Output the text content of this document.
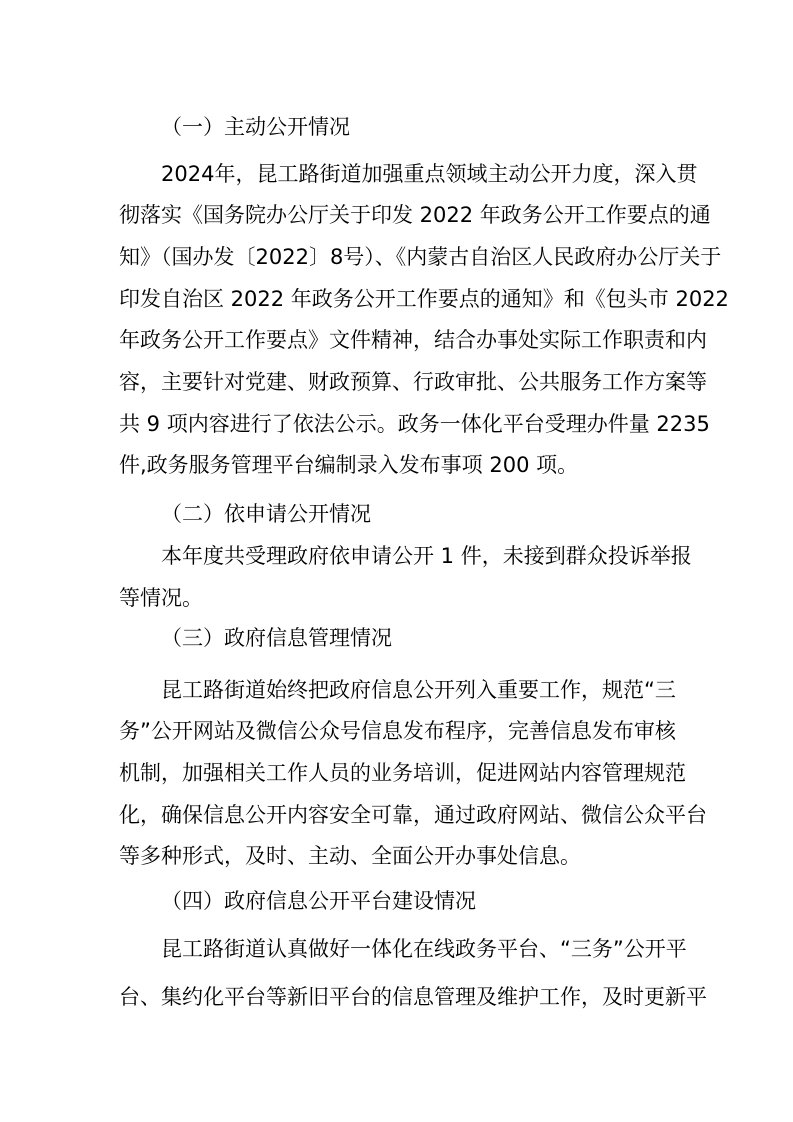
（一）主动公开情况
2024年，昆工路街道加强重点领域主动公开力度，深入贯
彻落实《国务院办公厅关于印发 2022 年政务公开工作要点的通
知》（国办发〔2022〕8号）、《内蒙古自治区人民政府办公厅关于
印发自治区 2022 年政务公开工作要点的通知》和《包头市 2022
年政务公开工作要点》文件精神，结合办事处实际工作职责和内
容，主要针对党建、财政预算、行政审批、公共服务工作方案等
共 9 项内容进行了依法公示。政务一体化平台受理办件量 2235
件,政务服务管理平台编制录入发布事项 200 项。
（二）依申请公开情况
本年度共受理政府依申请公开 1 件，未接到群众投诉举报
等情况。
（三）政府信息管理情况
昆工路街道始终把政府信息公开列入重要工作，规范“三
务”公开网站及微信公众号信息发布程序，完善信息发布审核
机制，加强相关工作人员的业务培训，促进网站内容管理规范
化，确保信息公开内容安全可靠，通过政府网站、微信公众平台
等多种形式，及时、主动、全面公开办事处信息。
（四）政府信息公开平台建设情况
昆工路街道认真做好一体化在线政务平台、“三务”公开平
台、集约化平台等新旧平台的信息管理及维护工作，及时更新平
